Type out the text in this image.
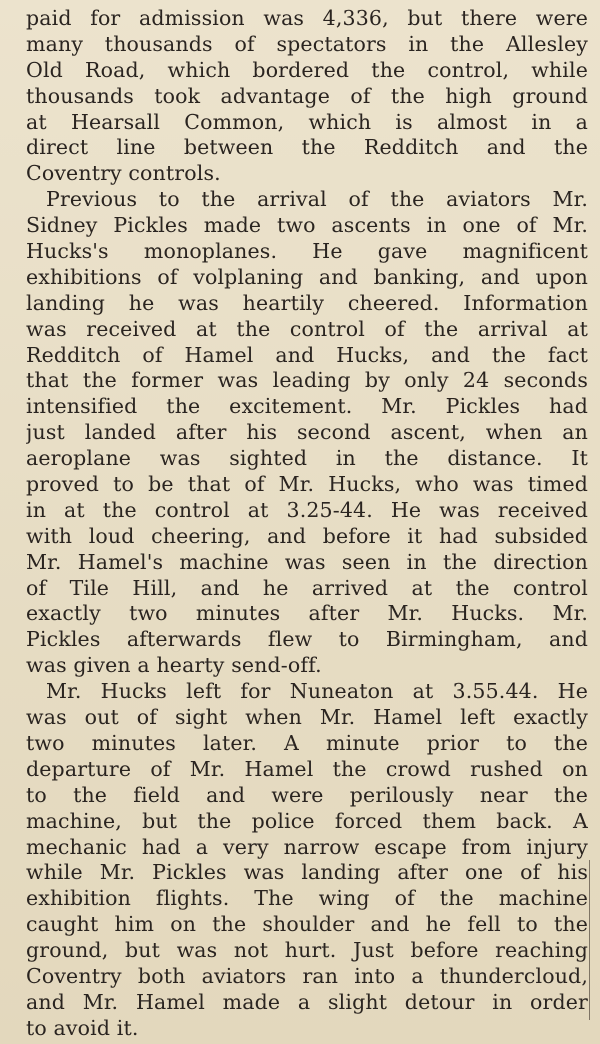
paid for admission was 4,336, but there were
many thousands of spectators in the Allesley
Old Road, which bordered the control, while
thousands took advantage of the high ground
at Hearsall Common, which is almost in a
direct line between the Redditch and the
Coventry controls.
Previous to the arrival of the aviators Mr.
Sidney Pickles made two ascents in one of Mr.
Hucks's monoplanes. He gave magnificent
exhibitions of volplaning and banking, and upon
landing he was heartily cheered. Information
was received at the control of the arrival at
Redditch of Hamel and Hucks, and the fact
that the former was leading by only 24 seconds
intensified the excitement. Mr. Pickles had
just landed after his second ascent, when an
aeroplane was sighted in the distance. It
proved to be that of Mr. Hucks, who was timed
in at the control at 3.25-44. He was received
with loud cheering, and before it had subsided
Mr. Hamel's machine was seen in the direction
of Tile Hill, and he arrived at the control
exactly two minutes after Mr. Hucks. Mr.
Pickles afterwards flew to Birmingham, and
was given a hearty send-off.
Mr. Hucks left for Nuneaton at 3.55.44. He
was out of sight when Mr. Hamel left exactly
two minutes later. A minute prior to the
departure of Mr. Hamel the crowd rushed on
to the field and were perilously near the
machine, but the police forced them back. A
mechanic had a very narrow escape from injury
while Mr. Pickles was landing after one of his
exhibition flights. The wing of the machine
caught him on the shoulder and he fell to the
ground, but was not hurt. Just before reaching
Coventry both aviators ran into a thundercloud,
and Mr. Hamel made a slight detour in order
to avoid it.
